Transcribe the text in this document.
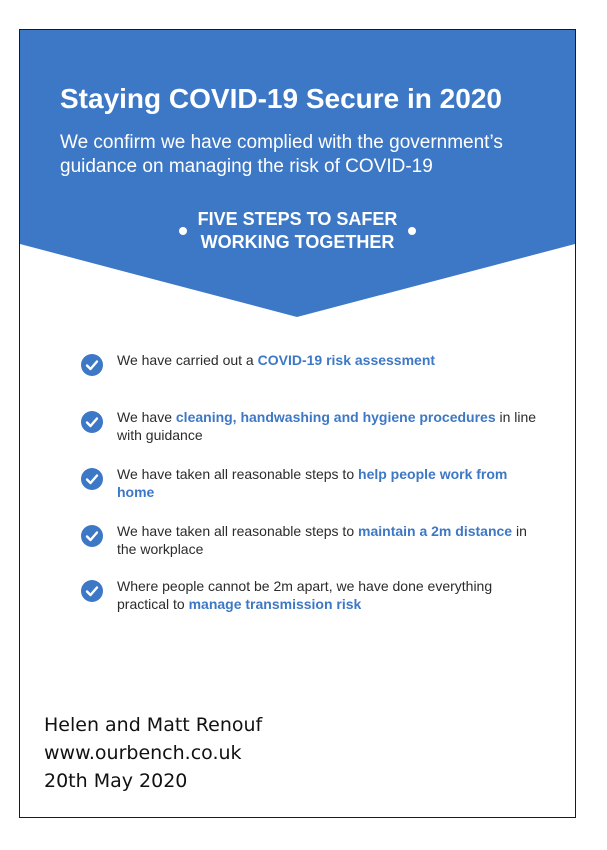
Staying COVID-19 Secure in 2020

We confirm we have complied with the government’s guidance on managing the risk of COVID-19

FIVE STEPS TO SAFER
WORKING TOGETHER
We have carried out a COVID-19 risk assessment
We have cleaning, handwashing and hygiene procedures in line with guidance
We have taken all reasonable steps to help people work from home
We have taken all reasonable steps to maintain a 2m distance in the workplace
Where people cannot be 2m apart, we have done everything practical to manage transmission risk
Helen and Matt Renouf
www.ourbench.co.uk
20th May 2020
